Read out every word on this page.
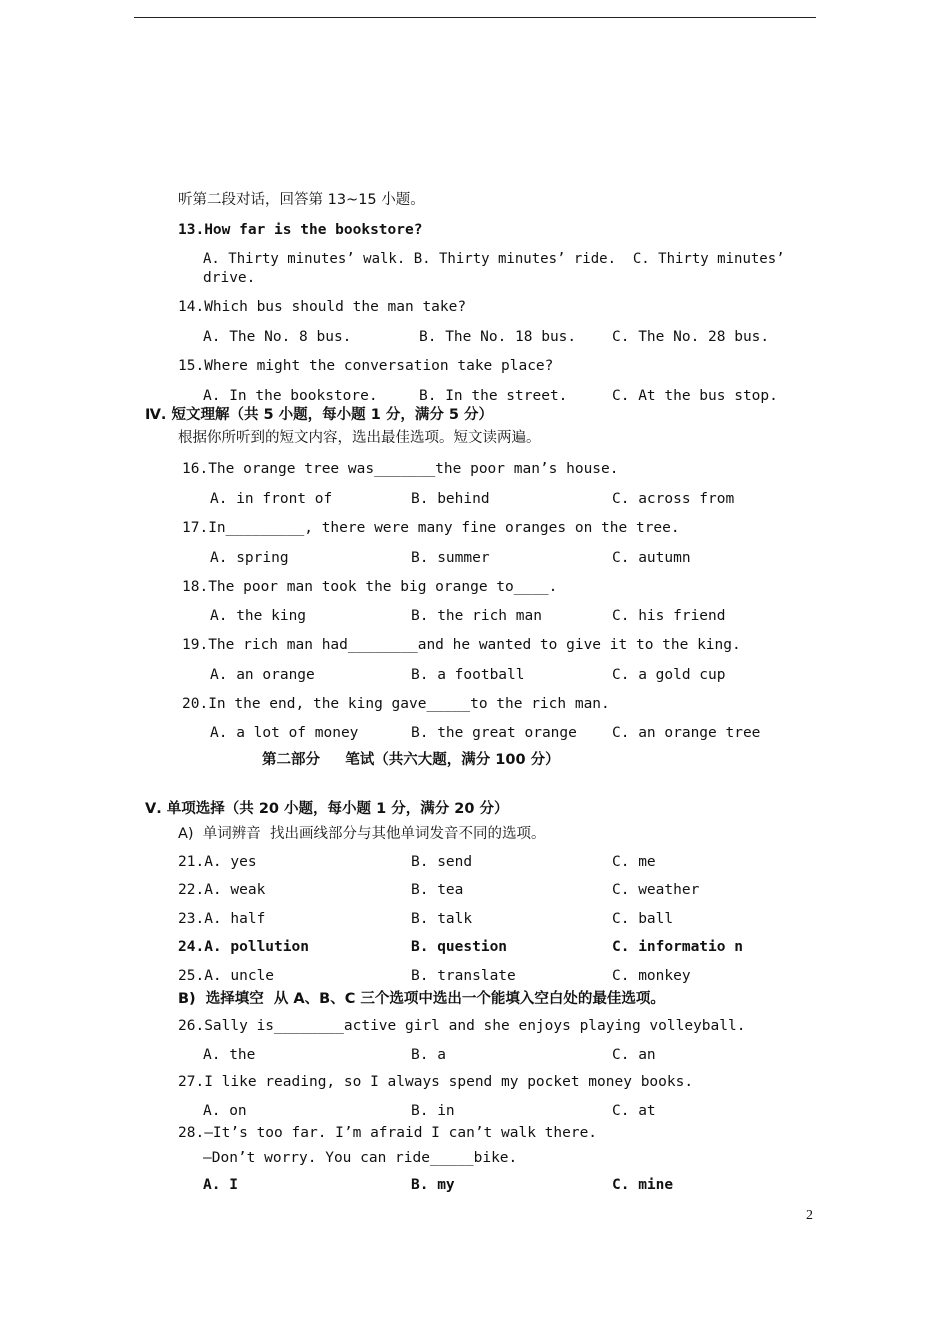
听第二段对话，回答第 13~15 小题。
13.How far is the bookstore?
A. Thirty minutes’ walk. B. Thirty minutes’ ride.  C. Thirty minutes’
drive.
14.Which bus should the man take?
A. The No. 8 bus.	B. The No. 18 bus. C. The No. 28 bus.
15.Where might the conversation take place?
A. In the bookstore.	B. In the street.	C. At the bus stop.
Ⅳ. 短文理解（共 5 小题，每小题 1 分，满分 5 分）
根据你所听到的短文内容，选出最佳选项。短文读两遍。
16.The orange tree was_______the poor man’s house.
A. in front of	B. behind	C. across from
17.In_________, there were many fine oranges on the tree.
A. spring	B. summer	C. autumn
18.The poor man took the big orange to____.
A. the king	B. the rich man	C. his friend
19.The rich man had________and he wanted to give it to the king.
A. an orange	B. a football	C. a gold cup
20.In the end, the king gave_____to the rich man.
A. a lot of money	B. the great orange C. an orange tree
第二部分     笔试（共六大题，满分 100 分）
Ⅴ. 单项选择（共 20 小题，每小题 1 分，满分 20 分）
A)  单词辨音  找出画线部分与其他单词发音不同的选项。
21.A. yes	B. send	C. me
22.A. weak	B. tea	C. weather
23.A. half	B. talk	C. ball
24.A. pollution	B. question	C. informatio n
25.A. uncle	B. translate	C. monkey
B)  选择填空  从 A、B、C 三个选项中选出一个能填入空白处的最佳选项。
26.Sally is________active girl and she enjoys playing volleyball.
A. the	B. a	C. an
27.I like reading, so I always spend my pocket money books.
A. on	B. in	C. at
28.—It’s too far. I’m afraid I can’t walk there.
—Don’t worry. You can ride_____bike.
A. I	B. my	C. mine
2
